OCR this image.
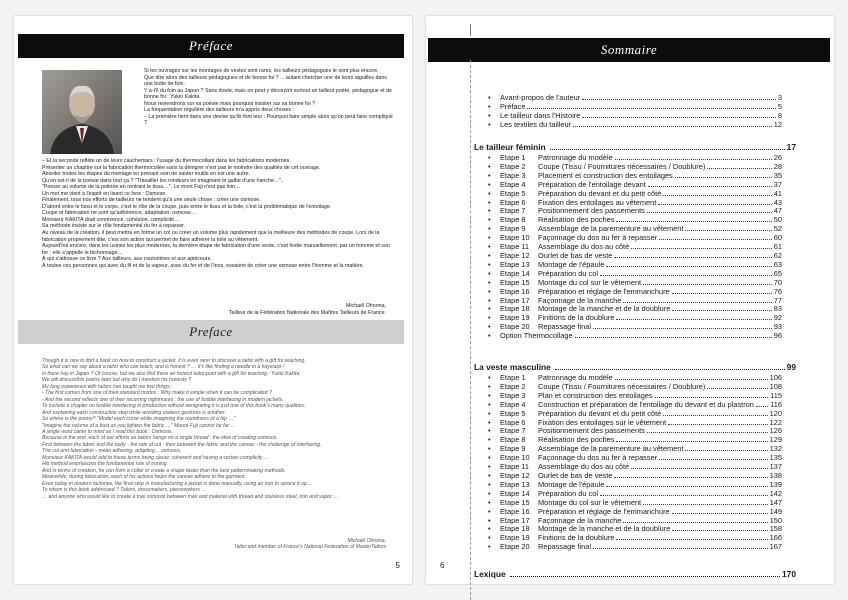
Préface

Si les ouvrages sur les montages de vestes sont rares, les tailleurs pédagogues le sont plus encore.

Que dire alors des tailleurs pédagogues et de bonne foi ? ... autant chercher une de leurs aiguilles dans une botte de foin.

Y a-t'il du foin au Japon ? Sans doute, mais on peut y découvrir surtout un tailleur poète, pédagogue et de bonne foi : Yukio Kakita.

Nous reviendrons sur sa poésie mais pourquoi insister sur sa bonne foi ?

La fréquentation régulière des tailleurs m'a appris deux choses :

– La première tient dans une devise qu'ils font leur : Pourquoi faire simple alors qu'on peut faire compliqué ?

– Et la seconde reflète un de leurs cauchemars : l'usage du thermocollant dans les fabrications modernes.

Présenter un chapitre sur la fabrication thermocollée sans la dénigrer n'est pas le moindre des qualités de cet ouvrage.

Aborder toutes les étapes du montage en prenant soin de sauter inutile en est une autre.

Qu'en est-il de la poésie dans tout ça ? "Travailler les rondeurs en imaginant le galbe d'une hanche…",

"Penser au volume de la poitrine en rentrant le tissu…", Le mont Fuji n'est pas loin…

Un mot me vient à l'esprit en lisant ce livre : Osmose.

Finalement, tous nos efforts de tailleurs ne tendent qu'à une seule chose : créer une osmose.

D'abord entre le tissu et le corps, c'est le rôle de la coupe, puis entre le tissu et la toile, c'est la problématique de l'entoilage.

Coupe et fabrication ne sont qu'adhérence, adaptation, osmose…

Monsieur KAKITA drait connivence, cohésion, complicité…

Sa méthode insiste sur le rôle fondamental du fer à repasser.

Au niveau de la création, il peut mettre en forme un col ou créer un volume plus rapidement que la meilleure des méthodes de coupe. Lors de la fabrication proprement dite, c'est son action qui permet de faire adhérer la toile au vêtement.

Aujourd'hui encore, dans les usines les plus modernes, la dernière étape de fabrication d'une veste, c'est festie manuellement, par un homme et son fer ; elle s'appelle le bichonnage…

À qui s'adresse ce livre ? Aux tailleurs, aux couturières et aux apiéceurs.

À toutes ces personnes qui avec du fil et de la vapeur, avec du fer et de l'inox, essaient de créer une osmose entre l'homme et la matière.

Michaël Ohnona,
Tailleur de la Fédération Nationale des Maîtres Tailleurs de France.
Preface

Though it is rare to find a book on how to construct a jacket, it is even rarer to discover a tailor with a gift for teaching.

So what can we say about a tailor who can teach, and is honest ? … It's like finding a needle in a haystack !

Is there hay in Japan ? Of course, but we also find there an honest tailor-poet with a gift for teaching : Yukio Kakita.

We will discussthis poetry later but why do I mention his honesty ?

My long experience with tailors has taught me two things :

- The first comes from one of their standard mottos : Why make it simple when it can be complicated ?

- And the second reflects one of their recurring nightmares : the use of fusible interfacing in modern jackets.

To include a chapter on fusible interfacing in production without denigrating it is just one of this book's many qualities.

And explaining each construction step while avoiding useless gestures is another.

So where is the poetry? "Model each curve while imagining the roundness of a hip …"

"Imagine the volume of a bust as you lighten the fabric …" Mount Fuji cannot be far …

A single word came to mind as I read this book : Osmosis.

Because in the end, each of our efforts as tailors hangs on a single thread : the idea of creating osmosis.

First between the fabric and the body - the role of cut - then between the fabric and the canvas - the challenge of interfacing.

The cut and fabrication - mean adhering, adapting… osmosis.

Monsieur KAKITA would add to these terms being clever, coherent and having a certain complicity …

His method emphasizes the fundamental role of ironing.

And in terms of creation, he can form a collar or create a shape faster than the best patternmaking methods.

Meanwhile, during fabrication, each of his actions helps the canvas adhere to the garment.

Even today in modern factories, the final step in manufacturing a jacket is done manually, using an iron to spruce it up…

To whom is this book addressed ? Tailors, dressmakers, pieceworkers …

… and anyone who would like to create a true osmosis between man and material with thread and stainless steel, iron and vapor …

Michaël Ohnona,
Tailor and member of France's National Federation of MasterTailors
5
Sommaire
•	Avant-propos de l'auteur	3
•	Préface	5
•	Le tailleur dans l'Histoire	8
•	Les textiles du tailleur	12
Le tailleur féminin	17
•	Etape 1	Patronnage du modèle	26
•	Etape 2	Coupe (Tissu / Fournitures nécessaires / Doublure)	28
•	Etape 3	Placement et construction des entoilages	35
•	Etape 4	Préparation de l'entoilage devant	37
•	Etape 5	Préparation du devant et du petit côté	41
•	Etape 6	Fixation des entoilages au vêtement	43
•	Etape 7	Positionnement des passements	47
•	Etape 8	Réalisation des poches	50
•	Etape 9	Assemblage de la parementure au vêtement	52
•	Etape 10	Façonnage du dos au fer à repasser	60
•	Etape 11	Assemblage du dos au côté	61
•	Etape 12	Ourlet de bas de veste	62
•	Etape 13	Montage de l'épaule	63
•	Etape 14	Préparation du col	65
•	Etape 15	Montage du col sur le vêtement	70
•	Etape 16	Préparation et réglage de l'emmanchure	76
•	Etape 17	Façonnage de la manche	77
•	Etape 18	Montage de la manche et de la doublure	83
•	Etape 19	Finitions de la doublure	92
•	Etape 20	Repassage final	93
•	Option Thermocollage	96
La veste masculine	99
•	Etape 1	Patronnage du modèle	106
•	Etape 2	Coupe (Tissu / Fournitures nécessaires / Doublure)	108
•	Etape 3	Plan et construction des entoilages	115
•	Etape 4	Construction et préparation de l'entoilage du devant et du plastron 116
•	Etape 5	Préparation du devant et du petit côté	120
•	Etape 6	Fixation des entoilages sur le vêtement	122
•	Etape 7	Positionnement des passements	126
•	Etape 8	Réalisation des poches	129
•	Etape 9	Assemblage de la parementure au vêtement	132
•	Etape 10	Façonnage du dos au fer à repasser	135
•	Etape 11	Assemblage du dos au côté	137
•	Etape 12	Ourlet de bas de veste	138
•	Etape 13	Montage de l'épaule	139
•	Etape 14	Préparation du col	142
•	Etape 15	Montage du col sur le vêtement	147
•	Etape 16	Préparation et réglage de l'emmanchure	149
•	Etape 17	Façonnage de la manche	150
•	Etape 18	Montage de la manche et de la doublure	158
•	Etape 19	Finitions de la doublure	166
•	Etape 20	Repassage final	167
Lexique	170
6
